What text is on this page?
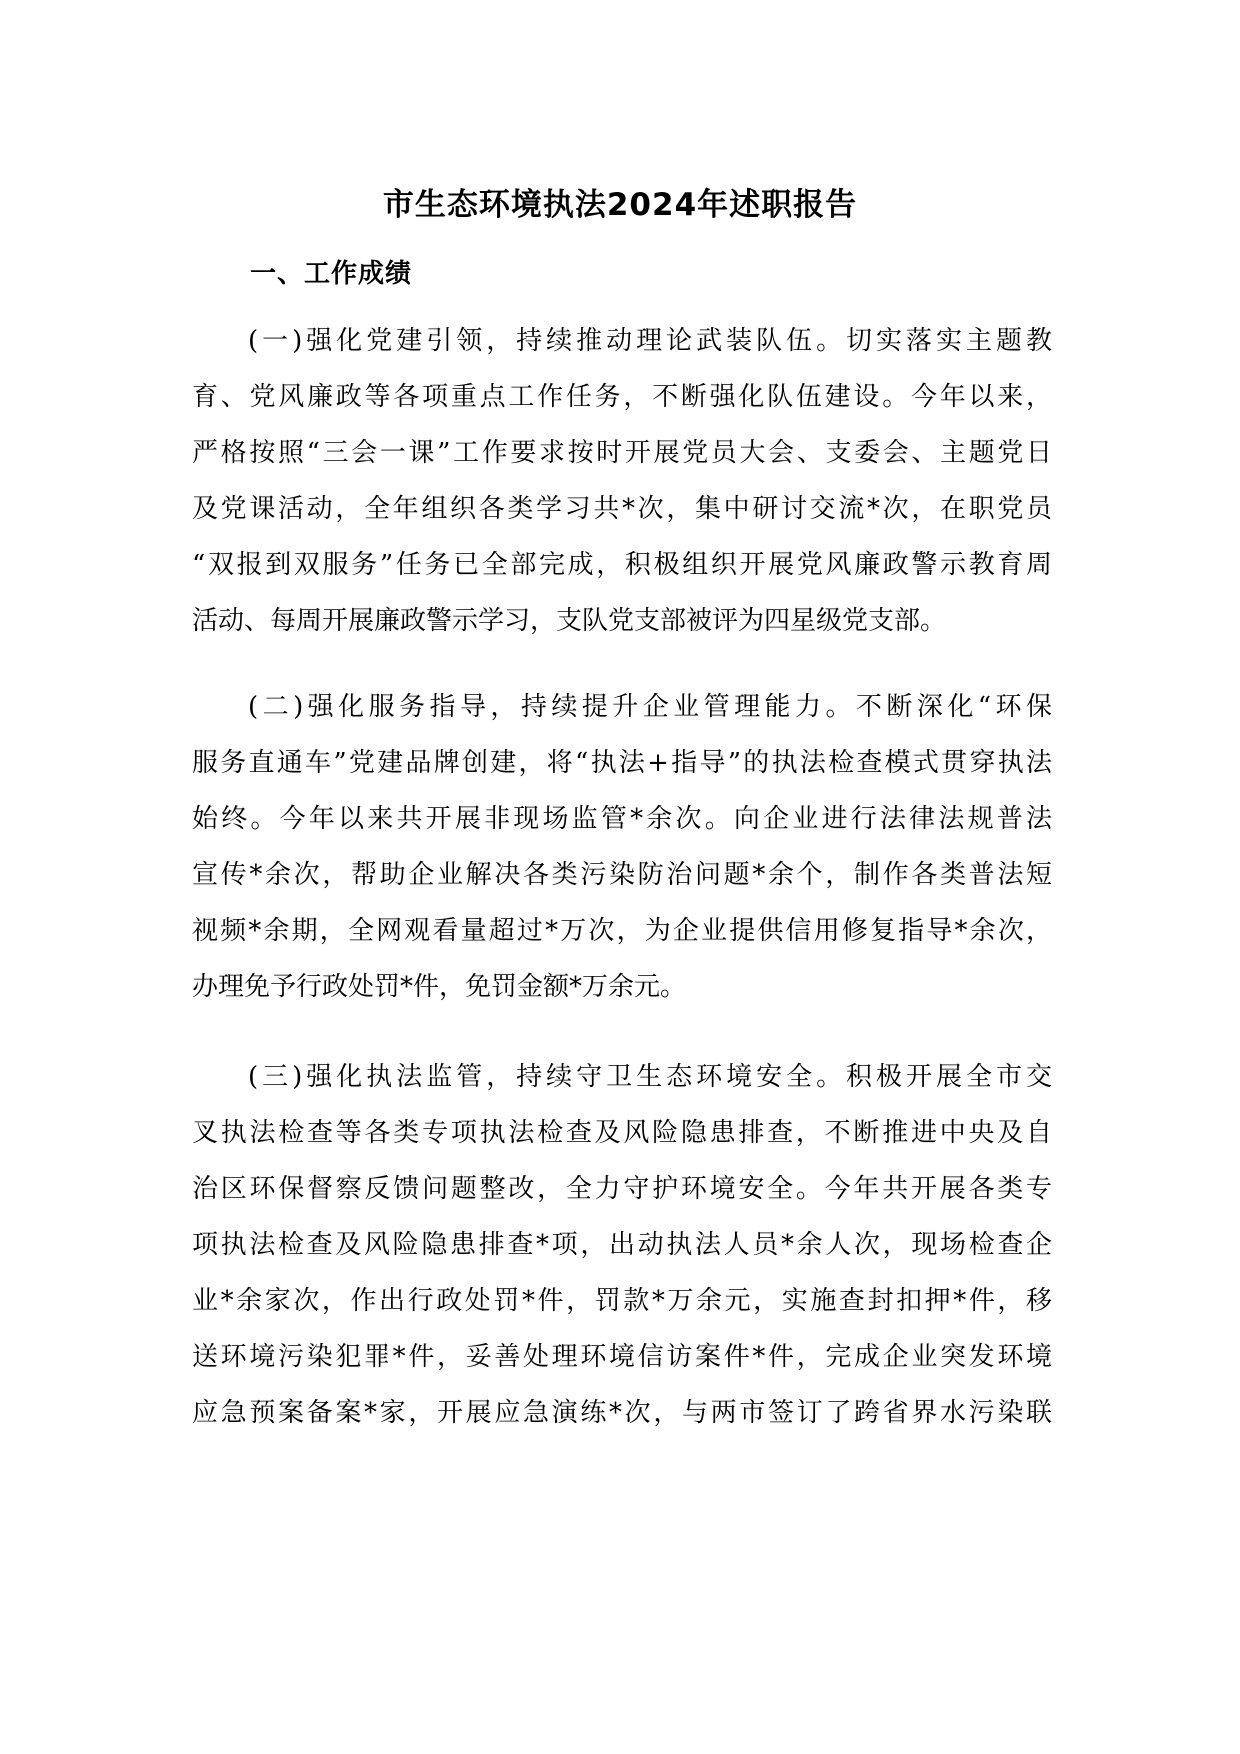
市生态环境执法2024年述职报告
一、工作成绩
(一)强化党建引领，持续推动理论武装队伍。切实落实主题教
育、党风廉政等各项重点工作任务，不断强化队伍建设。今年以来，
严格按照“三会一课”工作要求按时开展党员大会、支委会、主题党日
及党课活动，全年组织各类学习共*次，集中研讨交流*次，在职党员
“双报到双服务”任务已全部完成，积极组织开展党风廉政警示教育周
活动、每周开展廉政警示学习，支队党支部被评为四星级党支部。
(二)强化服务指导，持续提升企业管理能力。不断深化“环保
服务直通车”党建品牌创建，将“执法+指导”的执法检查模式贯穿执法
始终。今年以来共开展非现场监管*余次。向企业进行法律法规普法
宣传*余次，帮助企业解决各类污染防治问题*余个，制作各类普法短
视频*余期，全网观看量超过*万次，为企业提供信用修复指导*余次，
办理免予行政处罚*件，免罚金额*万余元。
(三)强化执法监管，持续守卫生态环境安全。积极开展全市交
叉执法检查等各类专项执法检查及风险隐患排查，不断推进中央及自
治区环保督察反馈问题整改，全力守护环境安全。今年共开展各类专
项执法检查及风险隐患排查*项，出动执法人员*余人次，现场检查企
业*余家次，作出行政处罚*件，罚款*万余元，实施查封扣押*件，移
送环境污染犯罪*件，妥善处理环境信访案件*件，完成企业突发环境
应急预案备案*家，开展应急演练*次，与两市签订了跨省界水污染联
